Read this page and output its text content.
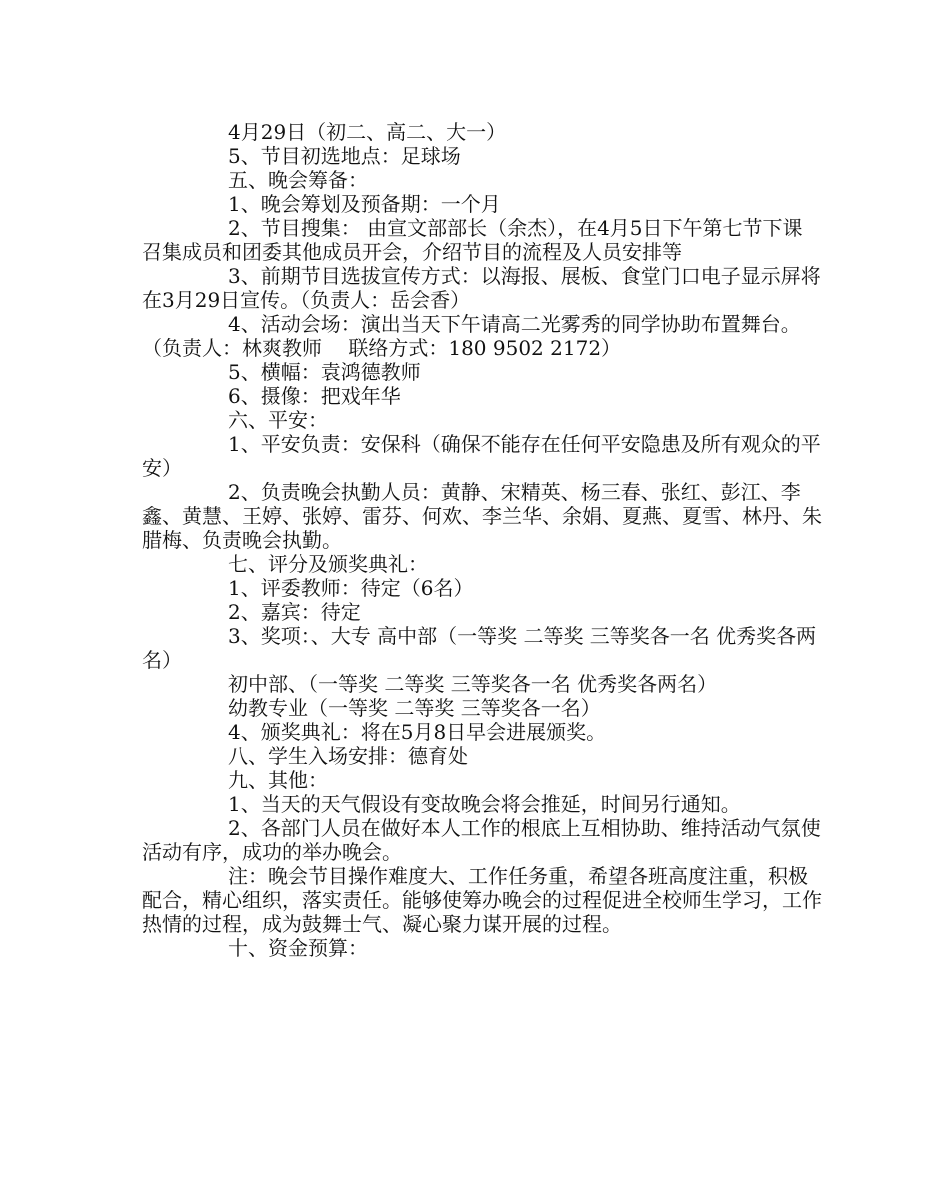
4月29日（初二、高二、大一）

5、节目初选地点：足球场

五、晚会筹备：

1、晚会筹划及预备期：一个月

2、节目搜集： 由宣文部部长（余杰），在4月5日下午第七节下课召集成员和团委其他成员开会，介绍节目的流程及人员安排等

3、前期节目选拔宣传方式：以海报、展板、食堂门口电子显示屏将在3月29日宣传。（负责人：岳会香）

4、活动会场：演出当天下午请高二光雾秀的同学协助布置舞台。（负责人：林爽教师　 联络方式：180 9502 2172）

5、横幅：袁鸿德教师

6、摄像：把戏年华

六、平安：

1、平安负责：安保科（确保不能存在任何平安隐患及所有观众的平安）

2、负责晚会执勤人员：黄静、宋精英、杨三春、张红、彭江、李鑫、黄慧、王婷、张婷、雷芬、何欢、李兰华、余娟、夏燕、夏雪、林丹、朱腊梅、负责晚会执勤。

七、评分及颁奖典礼：

1、评委教师：待定（6名）

2、嘉宾：待定

3、奖项：、大专 高中部（一等奖 二等奖 三等奖各一名 优秀奖各两名）

初中部、（一等奖 二等奖 三等奖各一名 优秀奖各两名）

幼教专业（一等奖 二等奖 三等奖各一名）

4、颁奖典礼：将在5月8日早会进展颁奖。

八、学生入场安排：德育处

九、其他：

1、当天的天气假设有变故晚会将会推延，时间另行通知。

2、各部门人员在做好本人工作的根底上互相协助、维持活动气氛使活动有序，成功的举办晚会。

注：晚会节目操作难度大、工作任务重，希望各班高度注重，积极配合，精心组织，落实责任。能够使筹办晚会的过程促进全校师生学习，工作热情的过程，成为鼓舞士气、凝心聚力谋开展的过程。

十、资金预算：
